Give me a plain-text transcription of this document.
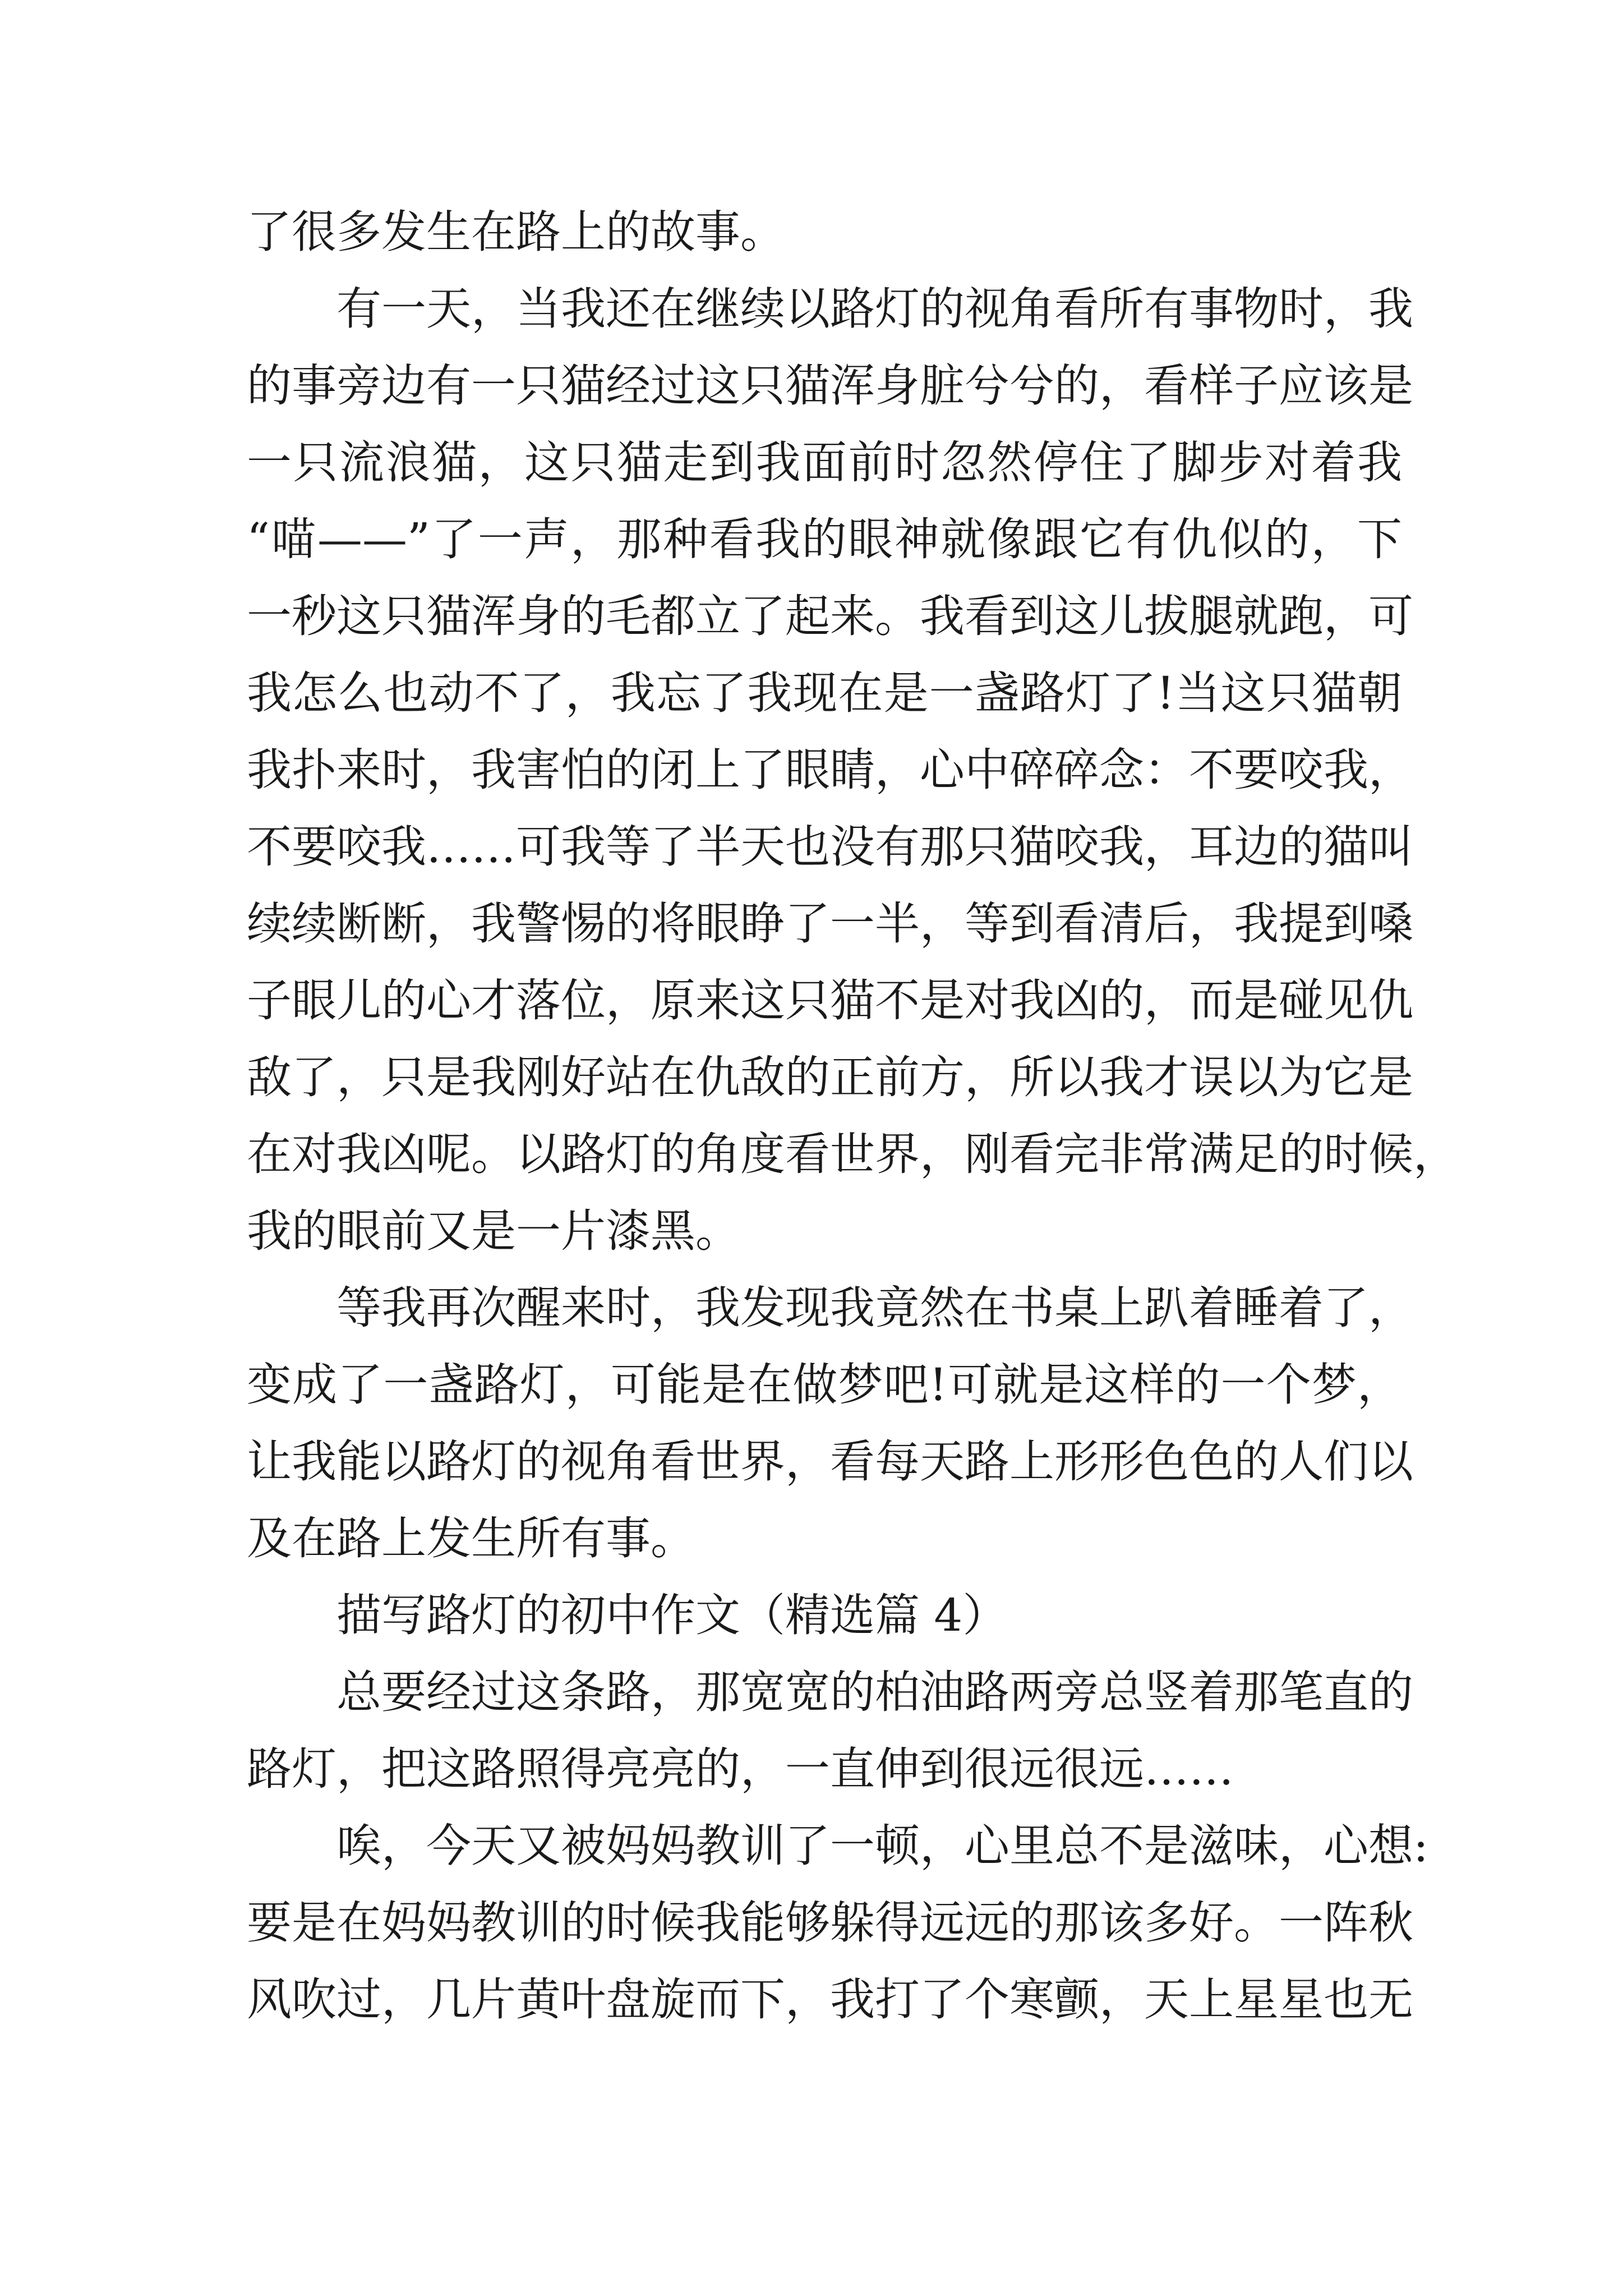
了很多发生在路上的故事。
有一天，当我还在继续以路灯的视角看所有事物时，我
的事旁边有一只猫经过这只猫浑身脏兮兮的，看样子应该是
一只流浪猫，这只猫走到我面前时忽然停住了脚步对着我
“喵——”了一声，那种看我的眼神就像跟它有仇似的，下
一秒这只猫浑身的毛都立了起来。我看到这儿拔腿就跑，可
我怎么也动不了，我忘了我现在是一盏路灯了!当这只猫朝
我扑来时，我害怕的闭上了眼睛，心中碎碎念：不要咬我，
不要咬我……可我等了半天也没有那只猫咬我，耳边的猫叫
续续断断，我警惕的将眼睁了一半，等到看清后，我提到嗓
子眼儿的心才落位，原来这只猫不是对我凶的，而是碰见仇
敌了，只是我刚好站在仇敌的正前方，所以我才误以为它是
在对我凶呢。以路灯的角度看世界，刚看完非常满足的时候，
我的眼前又是一片漆黑。
等我再次醒来时，我发现我竟然在书桌上趴着睡着了，
变成了一盏路灯，可能是在做梦吧!可就是这样的一个梦，
让我能以路灯的视角看世界，看每天路上形形色色的人们以
及在路上发生所有事。
描写路灯的初中作文（精选篇 4）
总要经过这条路，那宽宽的柏油路两旁总竖着那笔直的
路灯，把这路照得亮亮的，一直伸到很远很远……
唉，今天又被妈妈教训了一顿，心里总不是滋味，心想:
要是在妈妈教训的时候我能够躲得远远的那该多好。一阵秋
风吹过，几片黄叶盘旋而下，我打了个寒颤，天上星星也无
